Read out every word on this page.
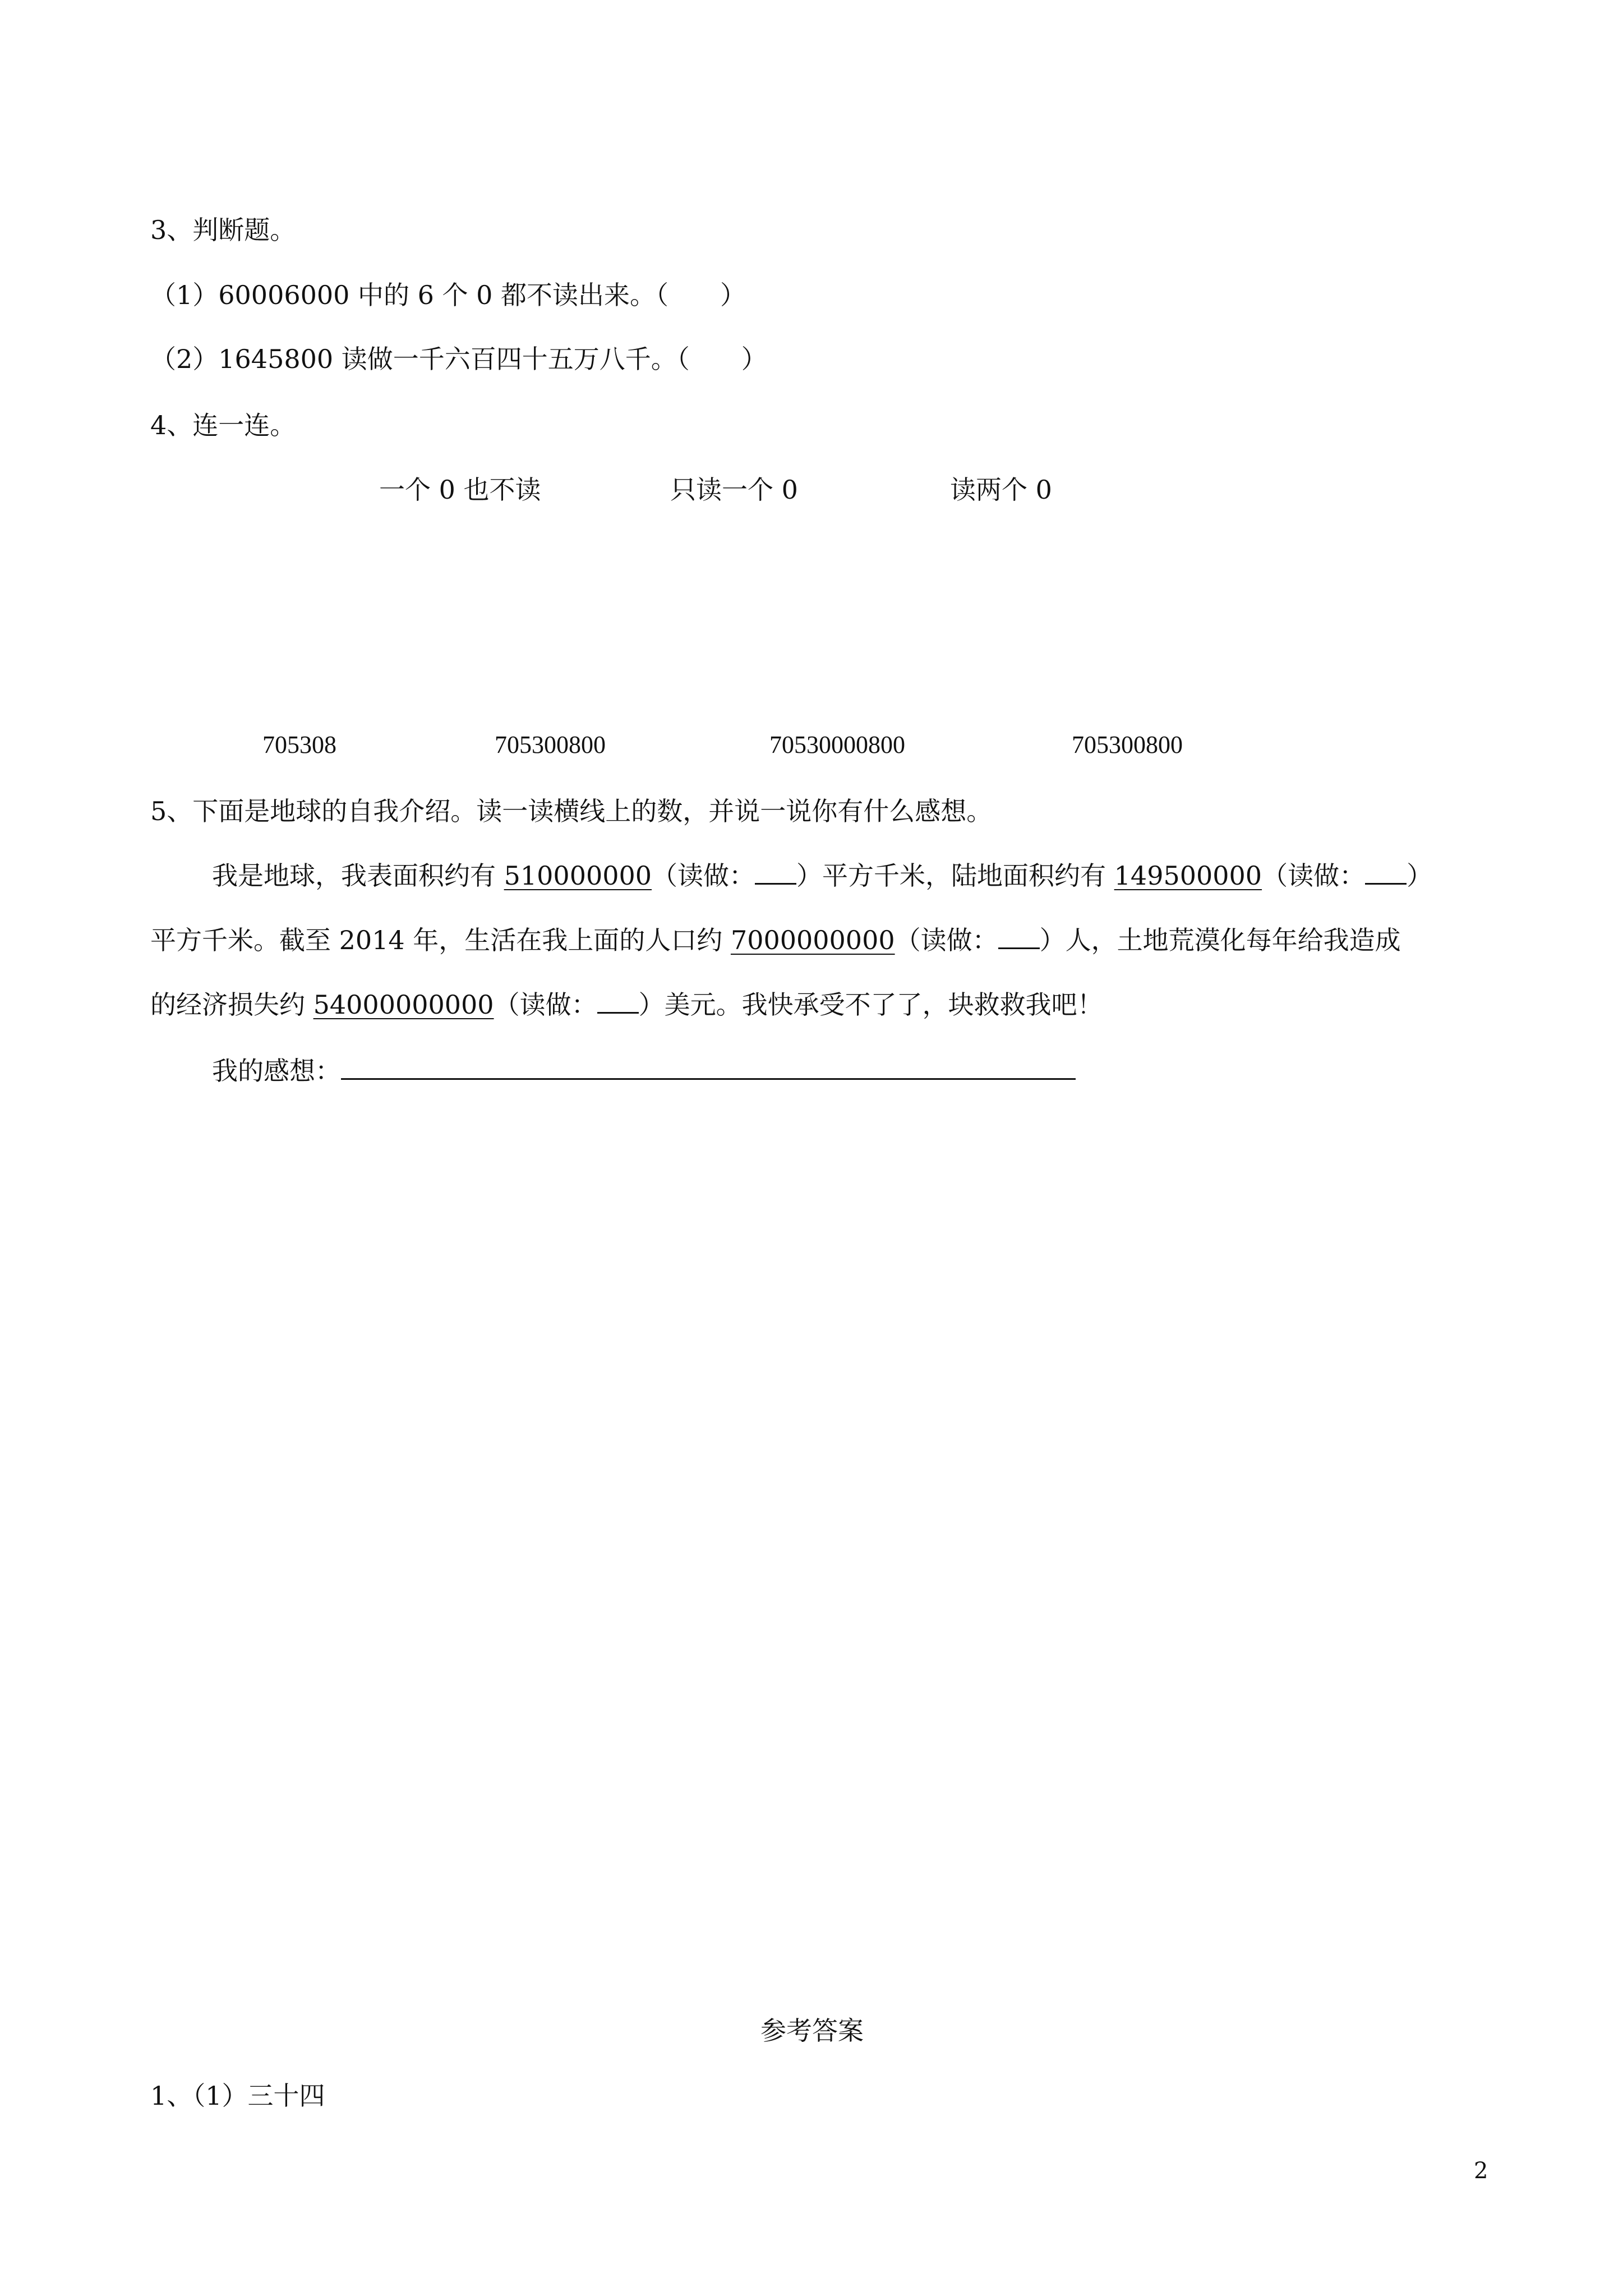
3、判断题。
（1）60006000 中的 6 个 0 都不读出来。（　　）
（2）1645800 读做一千六百四十五万八千。（　　）
4、连一连。
一个 0 也不读	只读一个 0	读两个 0
705308	705300800	70530000800	705300800
5、下面是地球的自我介绍。读一读横线上的数，并说一说你有什么感想。
我是地球，我表面积约有 510000000（读做： ）平方千米，陆地面积约有 149500000（读做： ）
平方千米。截至 2014 年，生活在我上面的人口约 7000000000（读做： ）人，土地荒漠化每年给我造成
的经济损失约 54000000000（读做： ）美元。我快承受不了了，块救救我吧！
我的感想：
参考答案
1、（1）三十四
2
